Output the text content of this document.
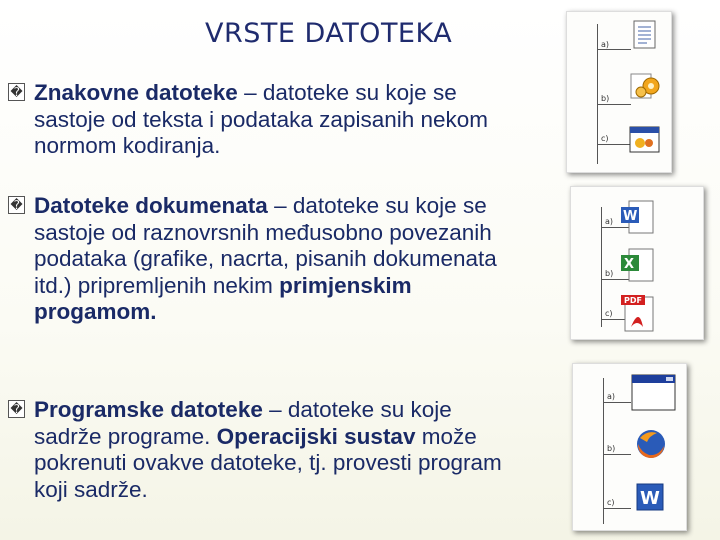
VRSTE DATOTEKA
� Znakovne datoteke – datoteke su koje se sastoje od teksta i podataka zapisanih nekom normom kodiranja.
� Datoteke dokumenata – datoteke su koje se sastoje od raznovrsnih međusobno povezanih podataka (grafike, nacrta, pisanih dokumenata itd.) pripremljenih nekim primjenskim progamom.
� Programske datoteke – datoteke su koje sadrže programe. Operacijski sustav može pokrenuti ovakve datoteke, tj. provesti program koji sadrže.
a)
b)
c)
a)
b)
c)
W
X
PDF
a)
b)
c) W
